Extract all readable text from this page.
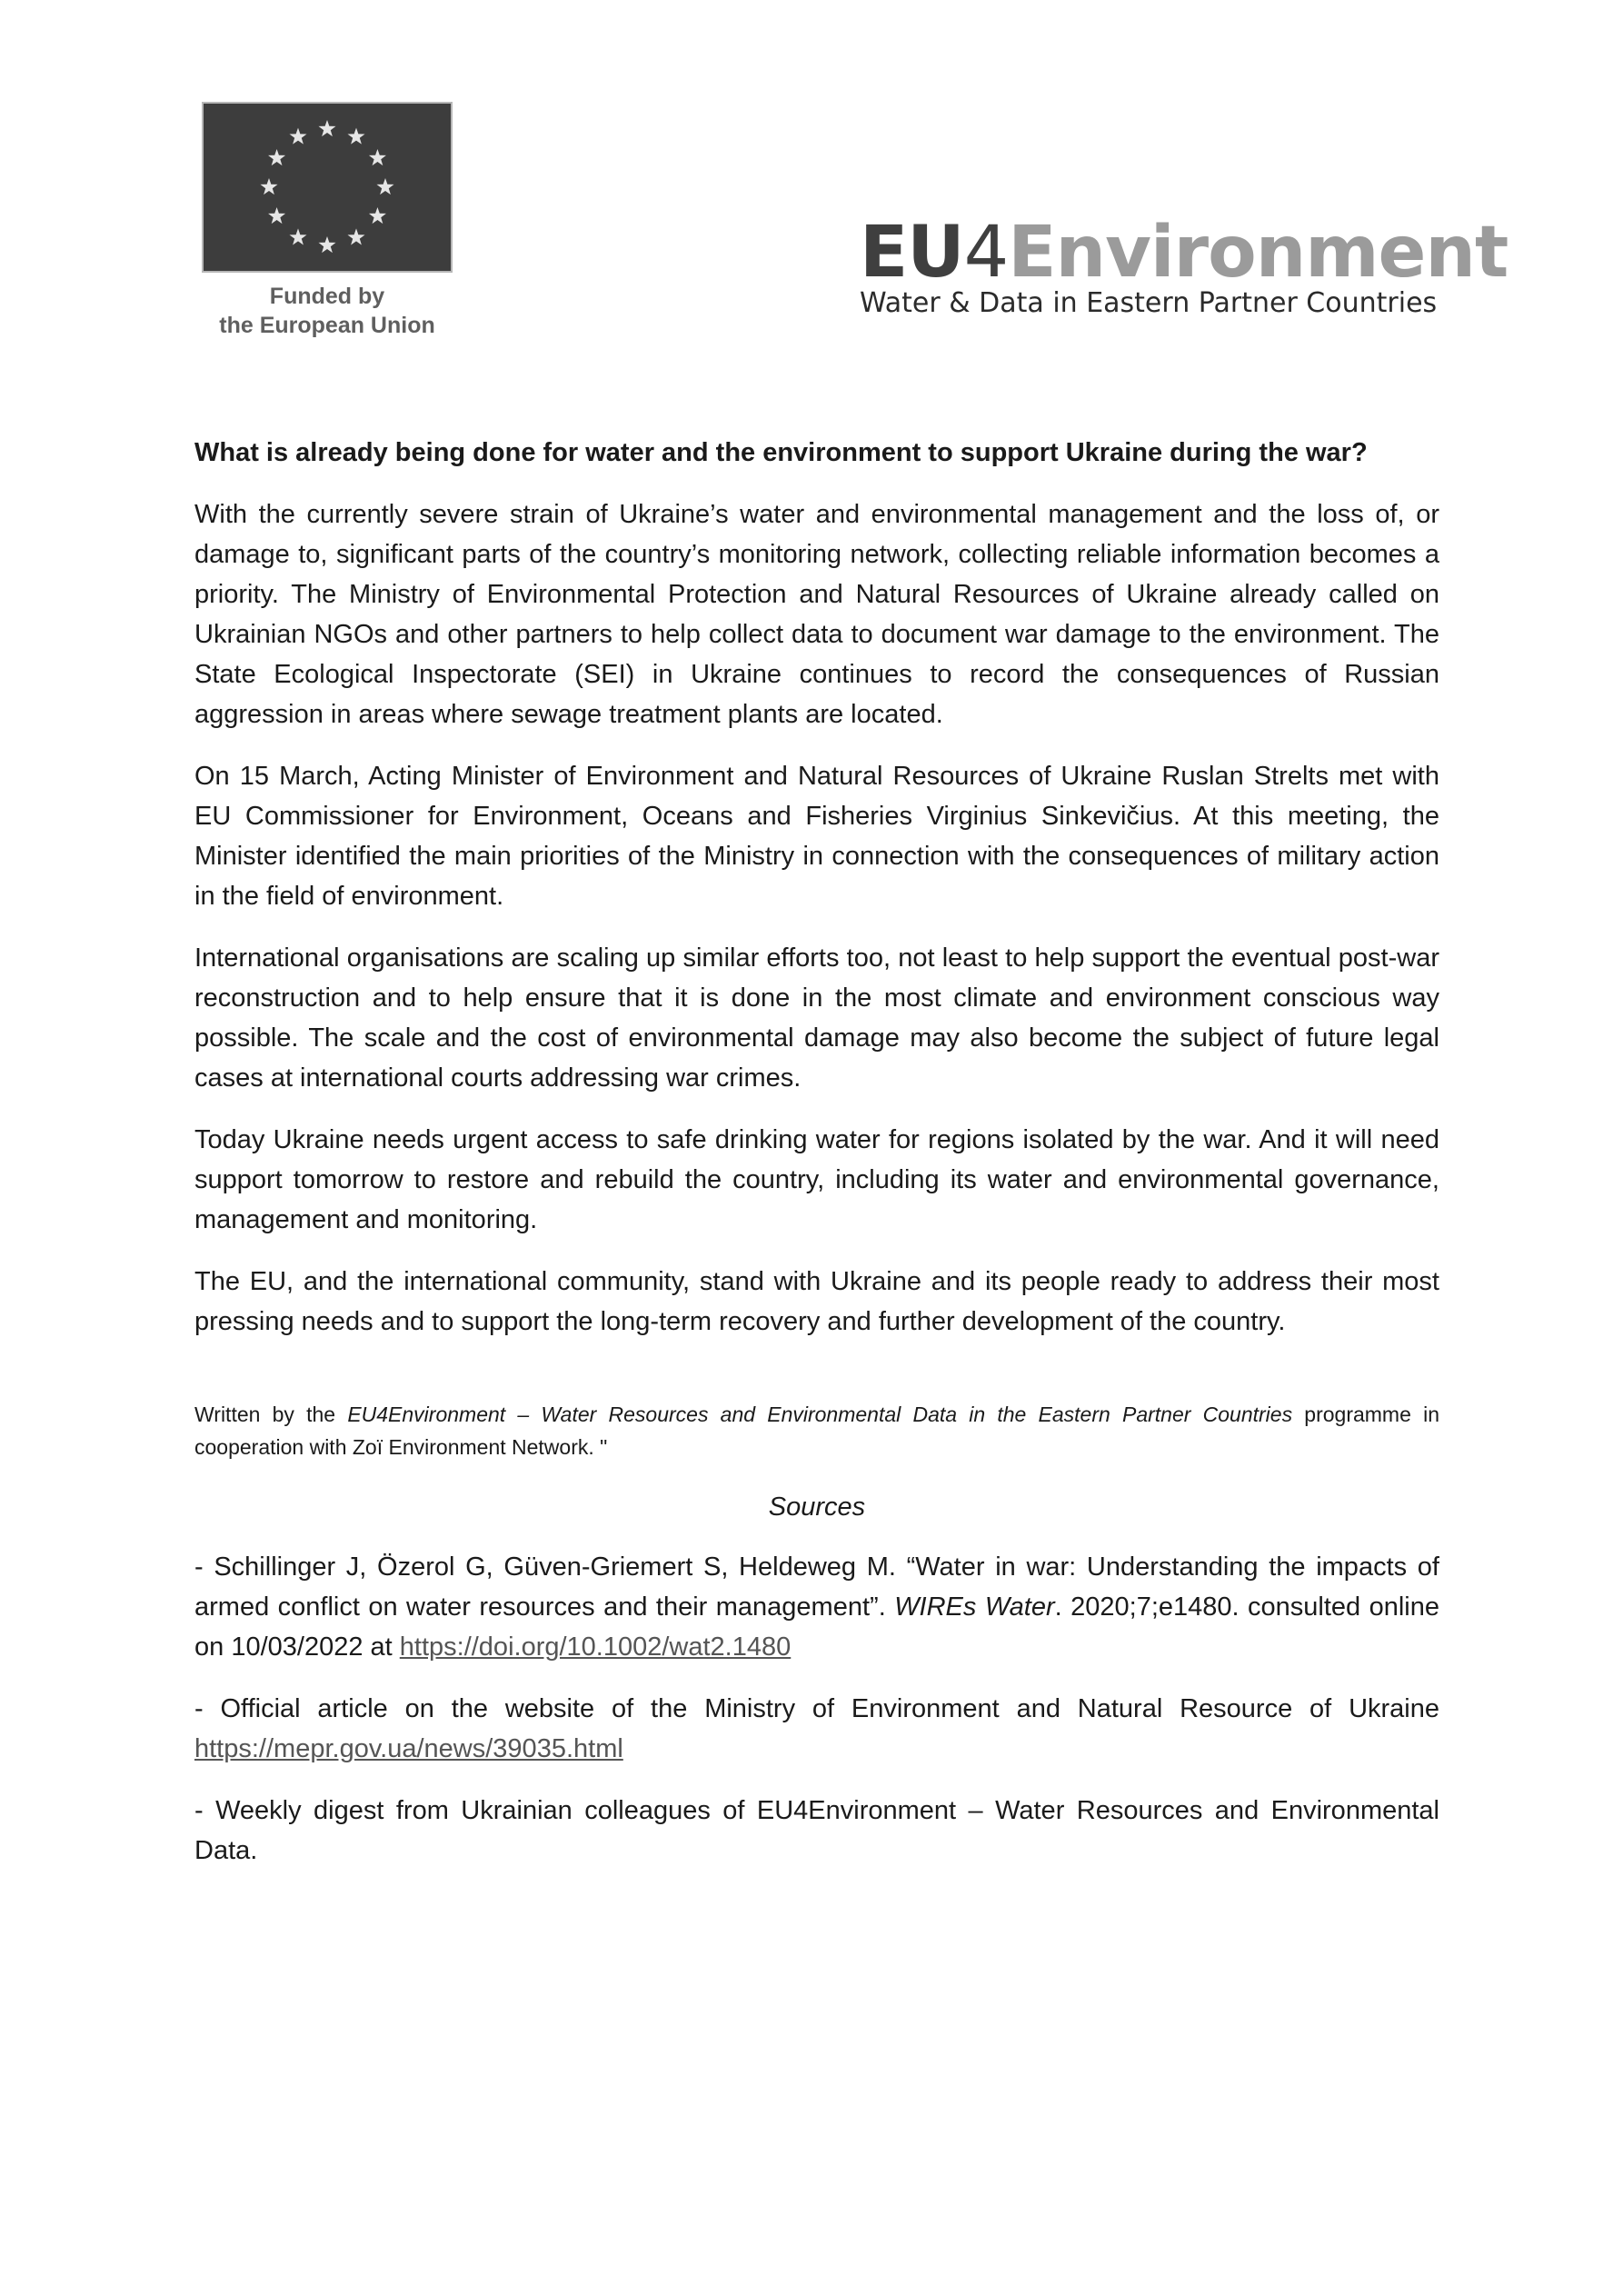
Funded by
the European Union
EU4Environment
Water & Data in Eastern Partner Countries
What is already being done for water and the environment to support Ukraine during the war?

With the currently severe strain of Ukraine’s water and environmental management and the loss of, or damage to, significant parts of the country’s monitoring network, collecting reliable information becomes a priority. The Ministry of Environmental Protection and Natural Resources of Ukraine already called on Ukrainian NGOs and other partners to help collect data to document war damage to the environment. The State Ecological Inspectorate (SEI) in Ukraine continues to record the consequences of Russian aggression in areas where sewage treatment plants are located.

On 15 March, Acting Minister of Environment and Natural Resources of Ukraine Ruslan Strelts met with EU Commissioner for Environment, Oceans and Fisheries Virginius Sinkevičius. At this meeting, the Minister identified the main priorities of the Ministry in connection with the consequences of military action in the field of environment.

International organisations are scaling up similar efforts too, not least to help support the eventual post-war reconstruction and to help ensure that it is done in the most climate and environment conscious way possible. The scale and the cost of environmental damage may also become the subject of future legal cases at international courts addressing war crimes.

Today Ukraine needs urgent access to safe drinking water for regions isolated by the war. And it will need support tomorrow to restore and rebuild the country, including its water and environmental governance, management and monitoring.

The EU, and the international community, stand with Ukraine and its people ready to address their most pressing needs and to support the long-term recovery and further development of the country.

Written by the EU4Environment – Water Resources and Environmental Data in the Eastern Partner Countries programme in cooperation with Zoï Environment Network. "
Sources

- Schillinger J, Özerol G, Güven-Griemert S, Heldeweg M. “Water in war: Understanding the impacts of armed conflict on water resources and their management”. WIREs Water. 2020;7;e1480. consulted online on 10/03/2022 at https://doi.org/10.1002/wat2.1480

- Official article on the website of the Ministry of Environment and Natural Resource of Ukraine https://mepr.gov.ua/news/39035.html

- Weekly digest from Ukrainian colleagues of EU4Environment – Water Resources and Environmental Data.
